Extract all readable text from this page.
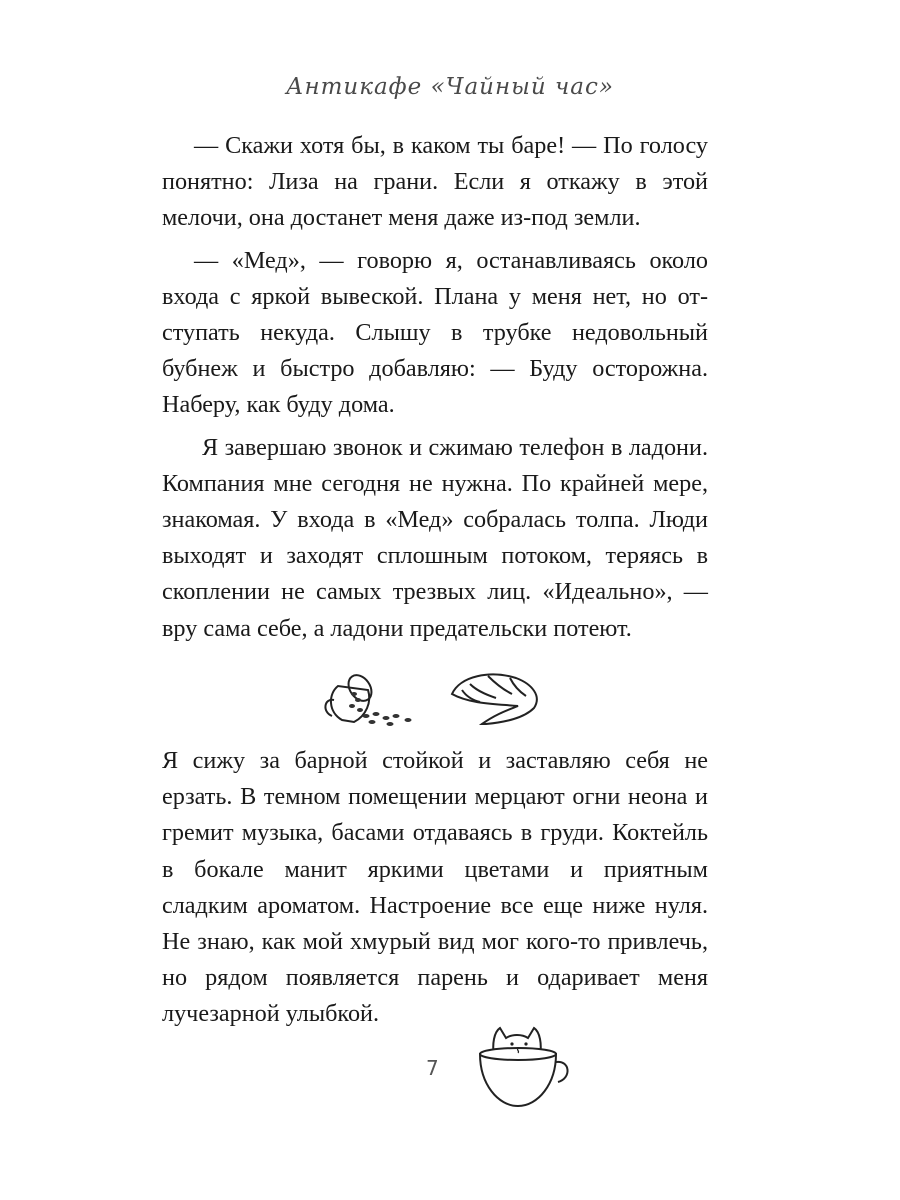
Антикафе «Чайный час»

— Скажи хотя бы, в каком ты баре! — По голосу понятно: Лиза на грани. Если я откажу в этой мелочи, она достанет меня даже из-под земли.

— «Мед», — говорю я, останавливаясь около входа с яркой вывеской. Плана у меня нет, но отступать некуда. Слышу в трубке недовольный бубнеж и быстро добавляю: — Буду осторожна. Наберу, как буду дома.

Я завершаю звонок и сжимаю телефон в ладони. Компания мне сегодня не нужна. По крайней мере, знакомая. У входа в «Мед» собралась толпа. Люди выходят и заходят сплошным потоком, теряясь в скоплении не самых трезвых лиц. «Идеально», — вру сама себе, а ладони предательски потеют.

Я сижу за барной стойкой и заставляю себя не ерзать. В темном помещении мерцают огни неона и гремит музыка, басами отдаваясь в груди. Коктейль в бокале манит яркими цветами и приятным сладким ароматом. Настроение все еще ниже нуля. Не знаю, как мой хмурый вид мог кого-то привлечь, но рядом появляется парень и одаривает меня лучезарной улыбкой.

7
